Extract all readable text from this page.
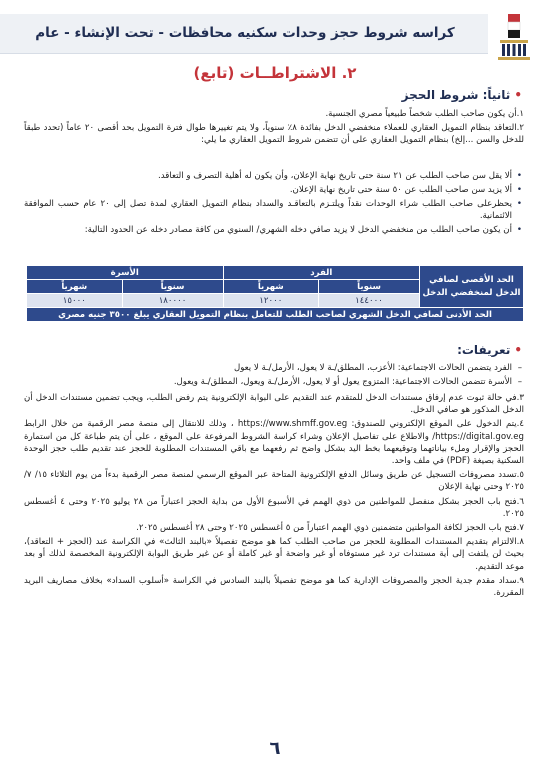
كراسه شروط حجز وحدات سكنيه محافظات - تحت الإنشاء - عام
٢. الاشتراطــات (تابع)
•ثانياً: شروط الحجز
١.أن يكون صاحب الطلب شخصاً طبيعياً مصري الجنسية.
٢.التعاقد بنظام التمويل العقاري للعملاء منخفضي الدخل بفائدة ٨٪ سنوياً، ولا يتم تغييرها طوال فترة التمويل بحد أقصى ٢٠ عاماً (تحدد طبقاً للدخل والسن ...إلخ) بنظام التمويل العقاري على أن تتضمن شروط التمويل العقاري ما يلي:
• ألا يقل سن صاحب الطلب عن ٢١ سنة حتى تاريخ نهاية الإعلان، وأن يكون له أهلية التصرف و التعاقد.
• ألا يزيد سن صاحب الطلب عن ٥٠ سنة حتى تاريخ نهاية الإعلان.
• يحظرعلى صاحب الطلب شراء الوحدات نقداً ويلتـزم بالتعاقـد والسداد بنظام التمويل العقاري لمدة تصل إلى ٢٠ عام حسب الموافقة الائتمانية.
• أن يكون صاحب الطلب من منخفضي الدخل لا يزيد صافي دخله الشهري/ السنوي من كافة مصادر دخله عن الحدود التالية:
الحد الأقصى لصافي الدخل لمنخفضي الدخل	الفرد		الأسرة	
	سنوياً	شهرياً	سنوياً	شهرياً
	١٤٤٠٠٠	١٢٠٠٠	١٨٠٠٠٠	١٥٠٠٠
الحد الأدنى لصافي الدخل الشهري لصاحب الطلب للتعامل بنظام التمويل العقاري يبلغ ٣٥٠٠ جنيه مصري				
•تعريفات:
– الفرد يتضمن الحالات الاجتماعية: الأعزب، المطلق/ـة لا يعول، الأرمل/ـة لا يعول
– الأسرة تتضمن الحالات الاجتماعية: المتزوج يعول أو لا يعول، الأرمل/ـة ويعول، المطلق/ـة ويعول.
٣.في حالة ثبوت عدم إرفاق مستندات الدخل للمتقدم عند التقديم على البوابة الإلكترونية يتم رفض الطلب، ويجب تضمين مستندات الدخل أن الدخل المذكور هو صافي الدخل.
٤.يتم الدخول على الموقع الإلكتروني للصندوق: https://www.shmff.gov.eg ، وذلك للانتقال إلى منصة مصر الرقمية من خلال الرابط https://digital.gov.eg/ والاطلاع على تفاصيل الإعلان وشراء كراسة الشروط المرفوعة على الموقع ، على أن يتم طباعة كل من استمارة الحجز والإقرار وملء بياناتهما وتوقيعهما بخط اليد بشكل واضح ثم رفعهما مع باقي المستندات المطلوبة للحجز عند تقديم طلب حجز الوحدة السكنية بصيغة (PDF) في ملف واحد.
٥.تسدد مصروفات التسجيل عن طريق وسائل الدفع الإلكترونية المتاحة عبر الموقع الرسمي لمنصة مصر الرقمية بدءاً من يوم الثلاثاء ١٥/ ٧/ ٢٠٢٥ وحتى نهاية الإعلان
٦.فتح باب الحجز بشكل منفصل للمواطنين من ذوي الهمم في الأسبوع الأول من بداية الحجز اعتباراً من ٢٨ يوليو ٢٠٢٥ وحتى ٤ أغسطس ٢٠٢٥.
٧.فتح باب الحجز لكافة المواطنين متضمنين ذوي الهمم اعتباراً من ٥ أغسطس ٢٠٢٥ وحتى ٢٨ أغسطس ٢٠٢٥.
٨.الالتزام بتقديم المستندات المطلوبة للحجز من صاحب الطلب كما هو موضح تفصيلاً «بالبند الثالث» في الكراسة عند (الحجز + التعاقد)، بحيث لن يلتفت إلى أية مستندات ترد غير مستوفاه أو غير واضحة أو غير كاملة أو عن غير طريق البوابة الإلكترونية المخصصة لذلك أو بعد موعد التقديم.
٩.سداد مقدم جدية الحجز والمصروفات الإدارية كما هو موضح تفصيلاً بالبند السادس في الكراسة «أسلوب السداد» بخلاف مصاريف البريد المقررة.
٦
